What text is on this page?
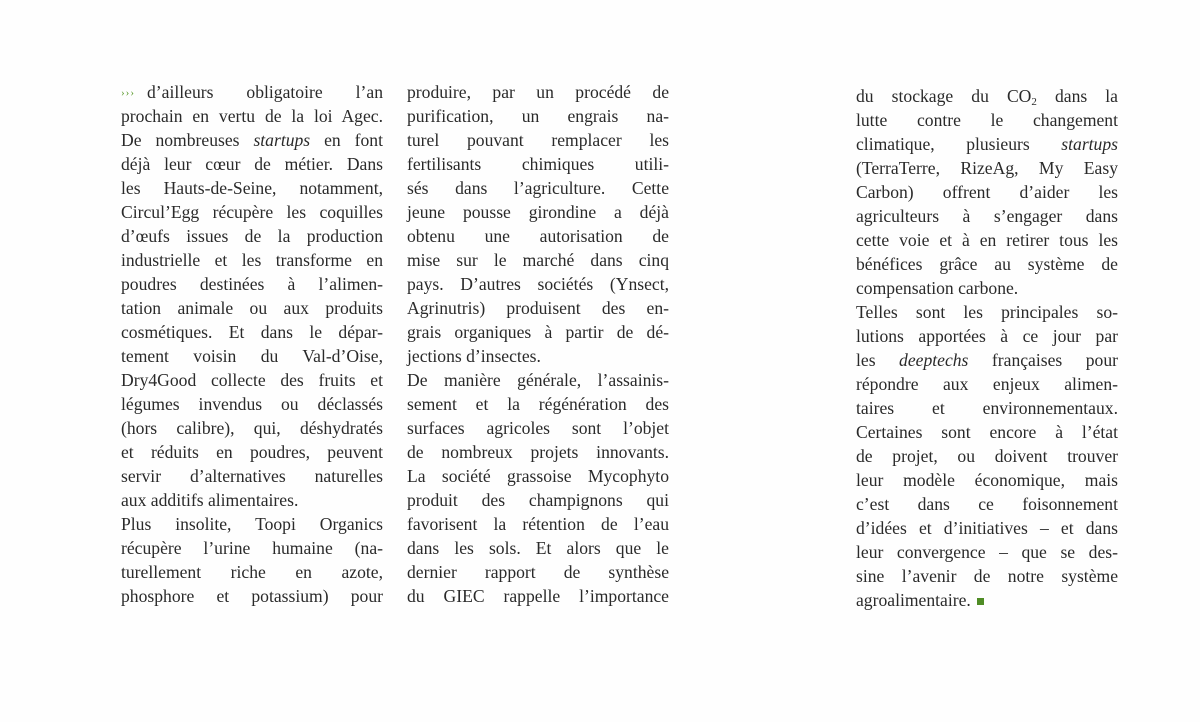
››› d’ailleurs obligatoire l’an
prochain en vertu de la loi Agec.
De nombreuses startups en font
déjà leur cœur de métier. Dans
les Hauts-de-Seine, notamment,
Circul’Egg récupère les coquilles
d’œufs issues de la production
industrielle et les transforme en
poudres destinées à l’alimen-
tation animale ou aux produits
cosmétiques. Et dans le dépar-
tement voisin du Val-d’Oise,
Dry4Good collecte des fruits et
légumes invendus ou déclassés
(hors calibre), qui, déshydratés
et réduits en poudres, peuvent
servir d’alternatives naturelles
aux additifs alimentaires.
Plus insolite, Toopi Organics
récupère l’urine humaine (na-
turellement riche en azote,
phosphore et potassium) pour
produire, par un procédé de
purification, un engrais na-
turel pouvant remplacer les
fertilisants chimiques utili-
sés dans l’agriculture. Cette
jeune pousse girondine a déjà
obtenu une autorisation de
mise sur le marché dans cinq
pays. D’autres sociétés (Ynsect,
Agrinutris) produisent des en-
grais organiques à partir de dé-
jections d’insectes.
De manière générale, l’assainis-
sement et la régénération des
surfaces agricoles sont l’objet
de nombreux projets innovants.
La société grassoise Mycophyto
produit des champignons qui
favorisent la rétention de l’eau
dans les sols. Et alors que le
dernier rapport de synthèse
du GIEC rappelle l’importance
du stockage du $CO_2$ dans la
lutte contre le changement
climatique, plusieurs startups
(TerraTerre, RizeAg, My Easy
Carbon) offrent d’aider les
agriculteurs à s’engager dans
cette voie et à en retirer tous les
bénéfices grâce au système de
compensation carbone.
Telles sont les principales so-
lutions apportées à ce jour par
les deeptechs françaises pour
répondre aux enjeux alimen-
taires et environnementaux.
Certaines sont encore à l’état
de projet, ou doivent trouver
leur modèle économique, mais
c’est dans ce foisonnement
d’idées et d’initiatives – et dans
leur convergence – que se des-
sine l’avenir de notre système
agroalimentaire.
